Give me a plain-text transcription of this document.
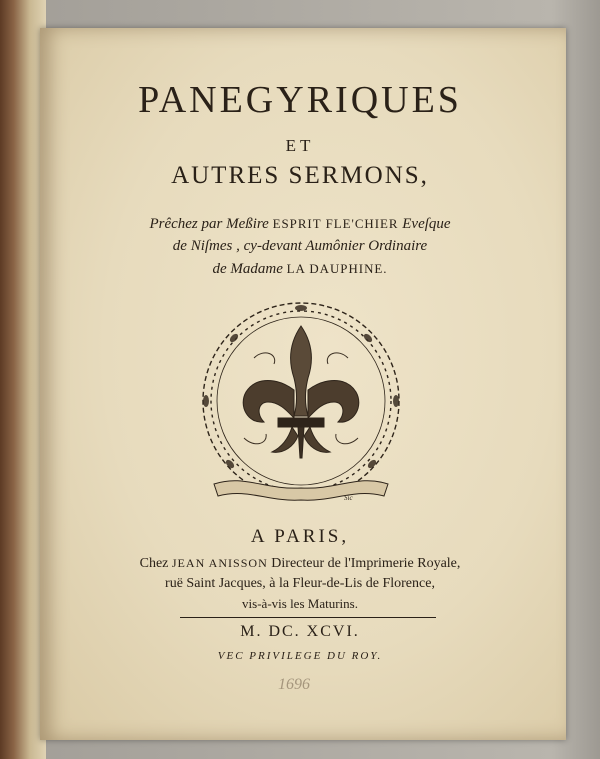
PANEGYRIQUES
ET
AUTRES SERMONS,
Prêchez par Meßire ESPRIT FLE'CHIER Eveſque
de Niſmes , cy-devant Aumônier Ordinaire
de Madame LA DAUPHINE.
Sic
A PARIS,
Chez JEAN ANISSON Directeur de l'Imprimerie Royale,
ruë Saint Jacques, à la Fleur-de-Lis de Florence,
vis-à-vis les Maturins.
M. DC. XCVI.
VEC PRIVILEGE DU ROY.
1696
